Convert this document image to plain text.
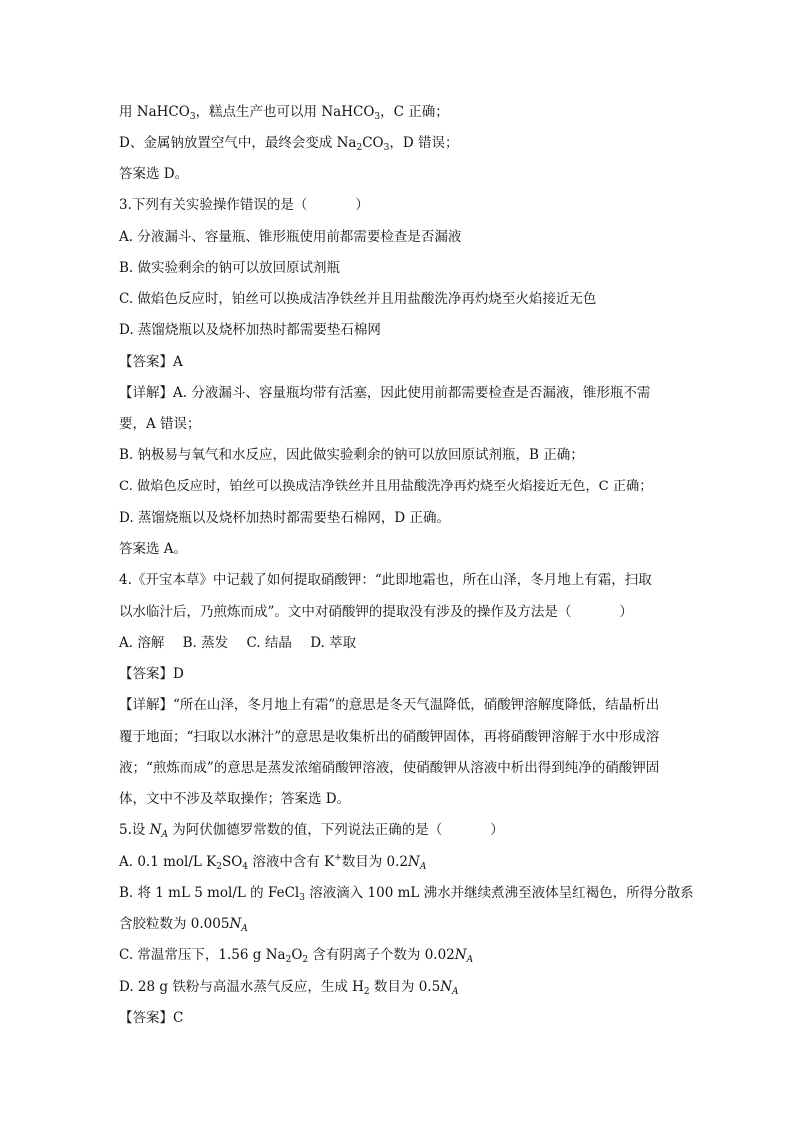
用 NaHCO$_3$，糕点生产也可以用 NaHCO$_3$，C 正确；
D、金属钠放置空气中，最终会变成 $Na_2CO_3$，D 错误；
答案选 D。
3.下列有关实验操作错误的是（	）
A. 分液漏斗、容量瓶、锥形瓶使用前都需要检查是否漏液
B. 做实验剩余的钠可以放回原试剂瓶
C. 做焰色反应时，铂丝可以换成洁净铁丝并且用盐酸洗净再灼烧至火焰接近无色
D. 蒸馏烧瓶以及烧杯加热时都需要垫石棉网
【答案】A
【详解】A. 分液漏斗、容量瓶均带有活塞，因此使用前都需要检查是否漏液，锥形瓶不需
要，A 错误；
B. 钠极易与氧气和水反应，因此做实验剩余的钠可以放回原试剂瓶，B 正确；
C. 做焰色反应时，铂丝可以换成洁净铁丝并且用盐酸洗净再灼烧至火焰接近无色，C 正确；
D. 蒸馏烧瓶以及烧杯加热时都需要垫石棉网，D 正确。
答案选 A。
4.《开宝本草》中记载了如何提取硝酸钾：“此即地霜也，所在山泽，冬月地上有霜，扫取
以水临汁后，乃煎炼而成”。文中对硝酸钾的提取没有涉及的操作及方法是（	）
A. 溶解 B. 蒸发 C. 结晶 D. 萃取
【答案】D
【详解】“所在山泽，冬月地上有霜”的意思是冬天气温降低，硝酸钾溶解度降低，结晶析出
覆于地面；“扫取以水淋汁”的意思是收集析出的硝酸钾固体，再将硝酸钾溶解于水中形成溶
液；“煎炼而成”的意思是蒸发浓缩硝酸钾溶液，使硝酸钾从溶液中析出得到纯净的硝酸钾固
体，文中不涉及萃取操作；答案选 D。
5.设 $N_A$ 为阿伏伽德罗常数的值，下列说法正确的是（	）
A. 0.1 mol/L $K_2SO_4$ 溶液中含有 K+数目为 $0.2N_A$
B. 将 1 mL 5 mol/L 的 FeCl$_3$ 溶液滴入 100 mL 沸水并继续煮沸至液体呈红褐色，所得分散系
含胶粒数为 $0.005N_A$
C. 常温常压下，1.56 g $Na_2O_2$ 含有阴离子个数为 $0.02N_A$
D. 28 g 铁粉与高温水蒸气反应，生成 $H_2$ 数目为 $0.5N_A$
【答案】C
